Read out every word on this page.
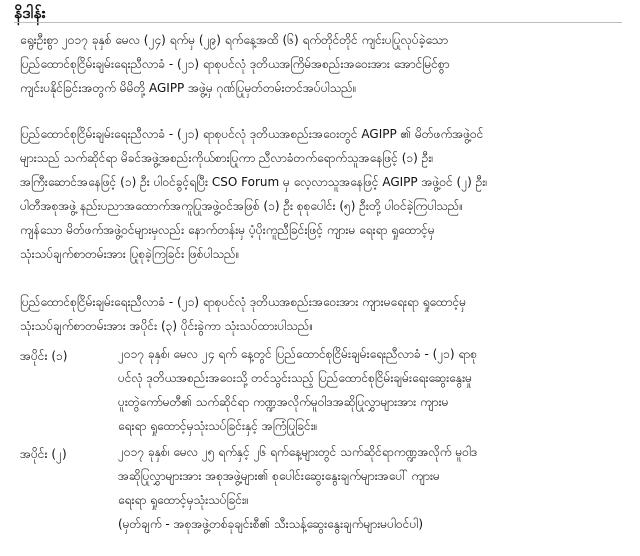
နိဒါန်း
ရွေးဦးစွာ ၂၀၁၇ ခုနှစ် မေလ (၂၄) ရက်မှ (၂၉) ရက်နေ့အထိ (၆) ရက်တိုင်တိုင် ကျင်းပပြုလုပ်ခဲ့သော
ပြည်ထောင်စုငြိမ်းချမ်းရေးညီလာခံ - (၂၁) ရာစုပင်လုံ ဒုတိယအကြိမ်အစည်းအဝေးအား အောင်မြင်စွာ
ကျင်းပနိုင်ခြင်းအတွက် မိမိတို့ AGIPP အဖွဲ့မှ ဂုဏ်ပြုမှတ်တမ်းတင်အပ်ပါသည်။
ပြည်ထောင်စုငြိမ်းချမ်းရေးညီလာခံ - (၂၁) ရာစုပင်လုံ ဒုတိယအစည်းအဝေးတွင် AGIPP ၏ မိတ်ဖက်အဖွဲ့ဝင်
များသည် သက်ဆိုင်ရာ မိခင်အဖွဲ့အစည်းကိုယ်စားပြုကာ ညီလာခံတက်ရောက်သူအနေဖြင့် (၁) ဦး၊
အကြီးဆောင်အနေဖြင့် (၁) ဦး ပါဝင်ခွင့်ရပြီး CSO Forum မှ လေ့လာသူအနေဖြင့် AGIPP အဖွဲ့ဝင် (၂) ဦး၊
ပါတီအစုအဖွဲ့ နည်းပညာအထောက်အကူပြုအဖွဲ့ဝင်အဖြစ် (၁) ဦး စုစုပေါင်း (၅) ဦးတို့ ပါဝင်ခဲ့ကြပါသည်။
ကျန်သော မိတ်ဖက်အဖွဲ့ဝင်များမှလည်း နောက်တန်းမှ ပံ့ပိုးကူညီခြင်းဖြင့် ကျားမ ရေးရာ ရှုထောင့်မှ
သုံးသပ်ချက်စာတမ်းအား ပြုစုခဲ့ကြခြင်း ဖြစ်ပါသည်။
ပြည်ထောင်စုငြိမ်းချမ်းရေးညီလာခံ - (၂၁) ရာစုပင်လုံ ဒုတိယအစည်းအဝေးအား ကျားမရေးရာ ရှုထောင့်မှ
သုံးသပ်ချက်စာတမ်းအား အပိုင်း (၃) ပိုင်းခွဲကာ သုံးသပ်ထားပါသည်။
အပိုင်း (၁)	၂၀၁၇ ခုနှစ်၊ မေလ ၂၄ ရက် နေ့တွင် ပြည်ထောင်စုငြိမ်းချမ်းရေးညီလာခံ - (၂၁) ရာစု
ပင်လုံ ဒုတိယအစည်းအဝေးသို့ တင်သွင်းသည့် ပြည်ထောင်စုငြိမ်းချမ်းရေးဆွေးနွေးမှု
ပူးတွဲကော်မတီ၏ သက်ဆိုင်ရာ ကဏ္ဍအလိုက်မူဝါဒအဆိုပြုလွှာများအား ကျားမ
ရေးရာ ရှုထောင့်မှသုံးသပ်ခြင်းနှင့် အကြံပြုခြင်း။
အပိုင်း (၂)	၂၀၁၇ ခုနှစ်၊ မေလ ၂၅ ရက်နှင့် ၂၆ ရက်နေ့များတွင် သက်ဆိုင်ရာကဏ္ဍအလိုက် မူဝါဒ
အဆိုပြုလွှာများအား အစုအဖွဲ့များ၏ စုပေါင်းဆွေးနွေးချက်များအပေါ် ကျားမ
ရေးရာ ရှုထောင့်မှသုံးသပ်ခြင်း။
(မှတ်ချက် - အစုအဖွဲ့တစ်ခုချင်းစီ၏ သီးသန့်ဆွေးနွေးချက်များမပါဝင်ပါ)
